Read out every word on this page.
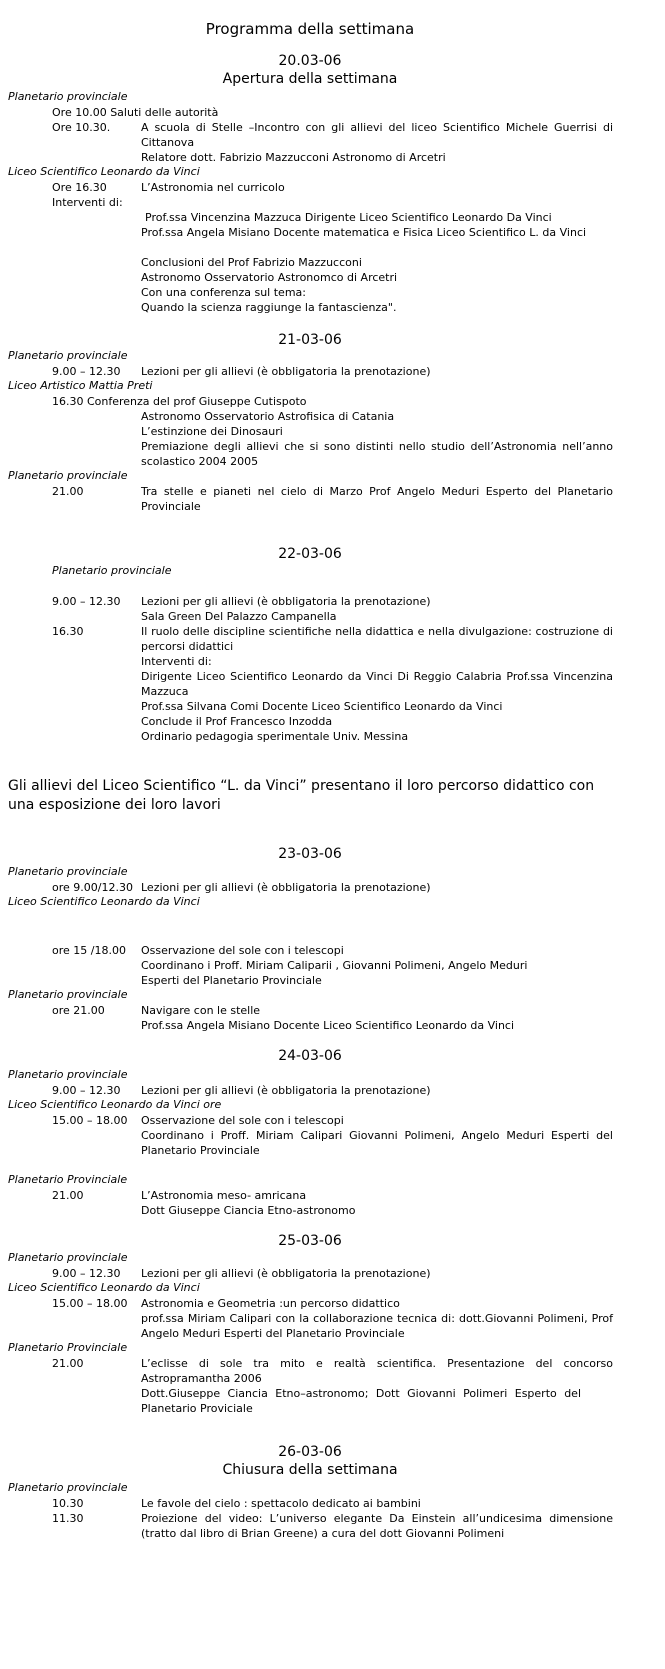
Programma della settimana
20.03-06
Apertura della settimana
Planetario provinciale
Ore 10.00 Saluti delle autorità
Ore 10.30.	A scuola di Stelle –Incontro con gli allievi del liceo Scientifico Michele Guerrisi di Cittanova
Relatore dott. Fabrizio Mazzucconi Astronomo di Arcetri
Liceo Scientifico Leonardo da Vinci
Ore 16.30	L’Astronomia nel curricolo
Interventi di:
Prof.ssa Vincenzina Mazzuca Dirigente Liceo Scientifico Leonardo Da Vinci
Prof.ssa Angela Misiano Docente matematica e Fisica Liceo Scientifico L. da Vinci
Conclusioni del Prof Fabrizio Mazzucconi
Astronomo Osservatorio Astronomco di Arcetri
Con una conferenza sul tema:
Quando la scienza raggiunge la fantascienza".
21-03-06
Planetario provinciale
9.00 – 12.30 Lezioni per gli allievi (è obbligatoria la prenotazione)
Liceo Artistico Mattia Preti
16.30 Conferenza del prof Giuseppe Cutispoto
Astronomo Osservatorio Astrofisica di Catania
L’estinzione dei Dinosauri
Premiazione degli allievi che si sono distinti nello studio dell’Astronomia nell’anno scolastico 2004 2005
Planetario provinciale
21.00	Tra stelle e pianeti nel cielo di Marzo Prof Angelo Meduri Esperto del Planetario Provinciale
22-03-06
Planetario provinciale
9.00 – 12.30 Lezioni per gli allievi (è obbligatoria la prenotazione)
Sala Green Del Palazzo Campanella
16.30	Il ruolo delle discipline scientifiche nella didattica e nella divulgazione: costruzione di percorsi didattici
Interventi di:
Dirigente Liceo Scientifico Leonardo da Vinci Di Reggio Calabria Prof.ssa Vincenzina Mazzuca
Prof.ssa Silvana Comi Docente Liceo Scientifico Leonardo da Vinci
Conclude il Prof Francesco Inzodda
Ordinario pedagogia sperimentale Univ. Messina
Gli allievi del Liceo Scientifico “L. da Vinci” presentano il loro percorso didattico con una esposizione dei loro lavori
23-03-06
Planetario provinciale
ore 9.00/12.30 Lezioni per gli allievi (è obbligatoria la prenotazione)
Liceo Scientifico Leonardo da Vinci
ore 15 /18.00 Osservazione del sole con i telescopi
Coordinano i Proff. Miriam Caliparii , Giovanni Polimeni, Angelo Meduri
Esperti del Planetario Provinciale
Planetario provinciale
ore 21.00	Navigare con le stelle
Prof.ssa Angela Misiano Docente Liceo Scientifico Leonardo da Vinci
24-03-06
Planetario provinciale
9.00 – 12.30 Lezioni per gli allievi (è obbligatoria la prenotazione)
Liceo Scientifico Leonardo da Vinci ore
15.00 – 18.00 Osservazione del sole con i telescopi
Coordinano i Proff. Miriam Calipari Giovanni Polimeni, Angelo Meduri Esperti del Planetario Provinciale
Planetario Provinciale
21.00	L’Astronomia meso- amricana
Dott Giuseppe Ciancia Etno-astronomo
25-03-06
Planetario provinciale
9.00 – 12.30 Lezioni per gli allievi (è obbligatoria la prenotazione)
Liceo Scientifico Leonardo da Vinci
15.00 – 18.00 Astronomia e Geometria :un percorso didattico
prof.ssa Miriam Calipari con la collaborazione tecnica di: dott.Giovanni Polimeni, Prof Angelo Meduri Esperti del Planetario Provinciale
Planetario Provinciale
21.00	L’eclisse di sole tra mito e realtà scientifica. Presentazione del concorso Astropramantha 2006
Dott.Giuseppe Ciancia Etno–astronomo; Dott Giovanni Polimeri Esperto del Planetario Proviciale
26-03-06
Chiusura della settimana
Planetario provinciale
10.30	Le favole del cielo : spettacolo dedicato ai bambini
11.30	Proiezione del video: L’universo elegante Da Einstein all’undicesima dimensione (tratto dal libro di Brian Greene) a cura del dott Giovanni Polimeni
